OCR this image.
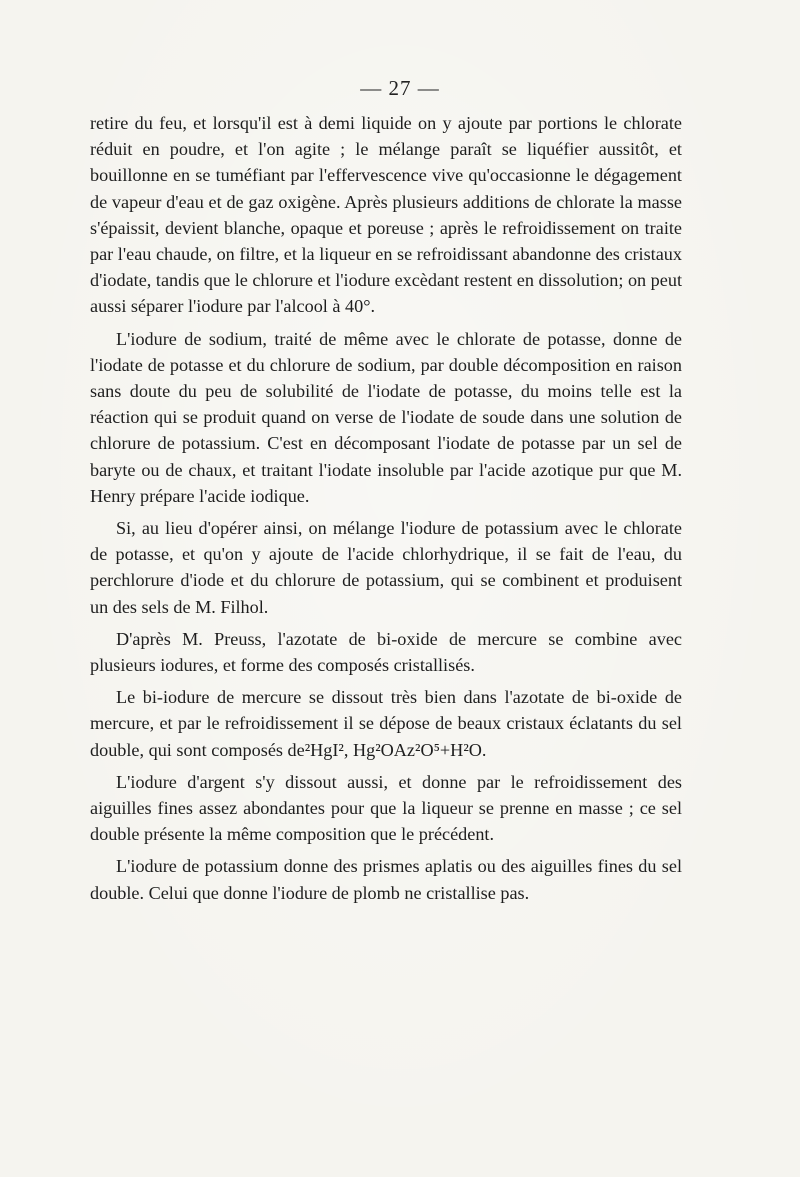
— 27 —

retire du feu, et lorsqu'il est à demi liquide on y ajoute par portions le chlorate réduit en poudre, et l'on agite ; le mélange paraît se liquéfier aussitôt, et bouillonne en se tuméfiant par l'effervescence vive qu'occasionne le dégagement de vapeur d'eau et de gaz oxigène. Après plusieurs additions de chlorate la masse s'épaissit, devient blanche, opaque et poreuse ; après le refroidissement on traite par l'eau chaude, on filtre, et la liqueur en se refroidissant abandonne des cristaux d'iodate, tandis que le chlorure et l'iodure excèdant restent en dissolution; on peut aussi séparer l'iodure par l'alcool à 40°.

L'iodure de sodium, traité de même avec le chlorate de potasse, donne de l'iodate de potasse et du chlorure de sodium, par double décomposition en raison sans doute du peu de solubilité de l'iodate de potasse, du moins telle est la réaction qui se produit quand on verse de l'iodate de soude dans une solution de chlorure de potassium. C'est en décomposant l'iodate de potasse par un sel de baryte ou de chaux, et traitant l'iodate insoluble par l'acide azotique pur que M. Henry prépare l'acide iodique.

Si, au lieu d'opérer ainsi, on mélange l'iodure de potassium avec le chlorate de potasse, et qu'on y ajoute de l'acide chlorhydrique, il se fait de l'eau, du perchlorure d'iode et du chlorure de potassium, qui se combinent et produisent un des sels de M. Filhol.

D'après M. Preuss, l'azotate de bi-oxide de mercure se combine avec plusieurs iodures, et forme des composés cristallisés.

Le bi-iodure de mercure se dissout très bien dans l'azotate de bi-oxide de mercure, et par le refroidissement il se dépose de beaux cristaux éclatants du sel double, qui sont composés de²HgI², Hg²OAz²O⁵+H²O.

L'iodure d'argent s'y dissout aussi, et donne par le refroidissement des aiguilles fines assez abondantes pour que la liqueur se prenne en masse ; ce sel double présente la même composition que le précédent.

L'iodure de potassium donne des prismes aplatis ou des aiguilles fines du sel double. Celui que donne l'iodure de plomb ne cristallise pas.
